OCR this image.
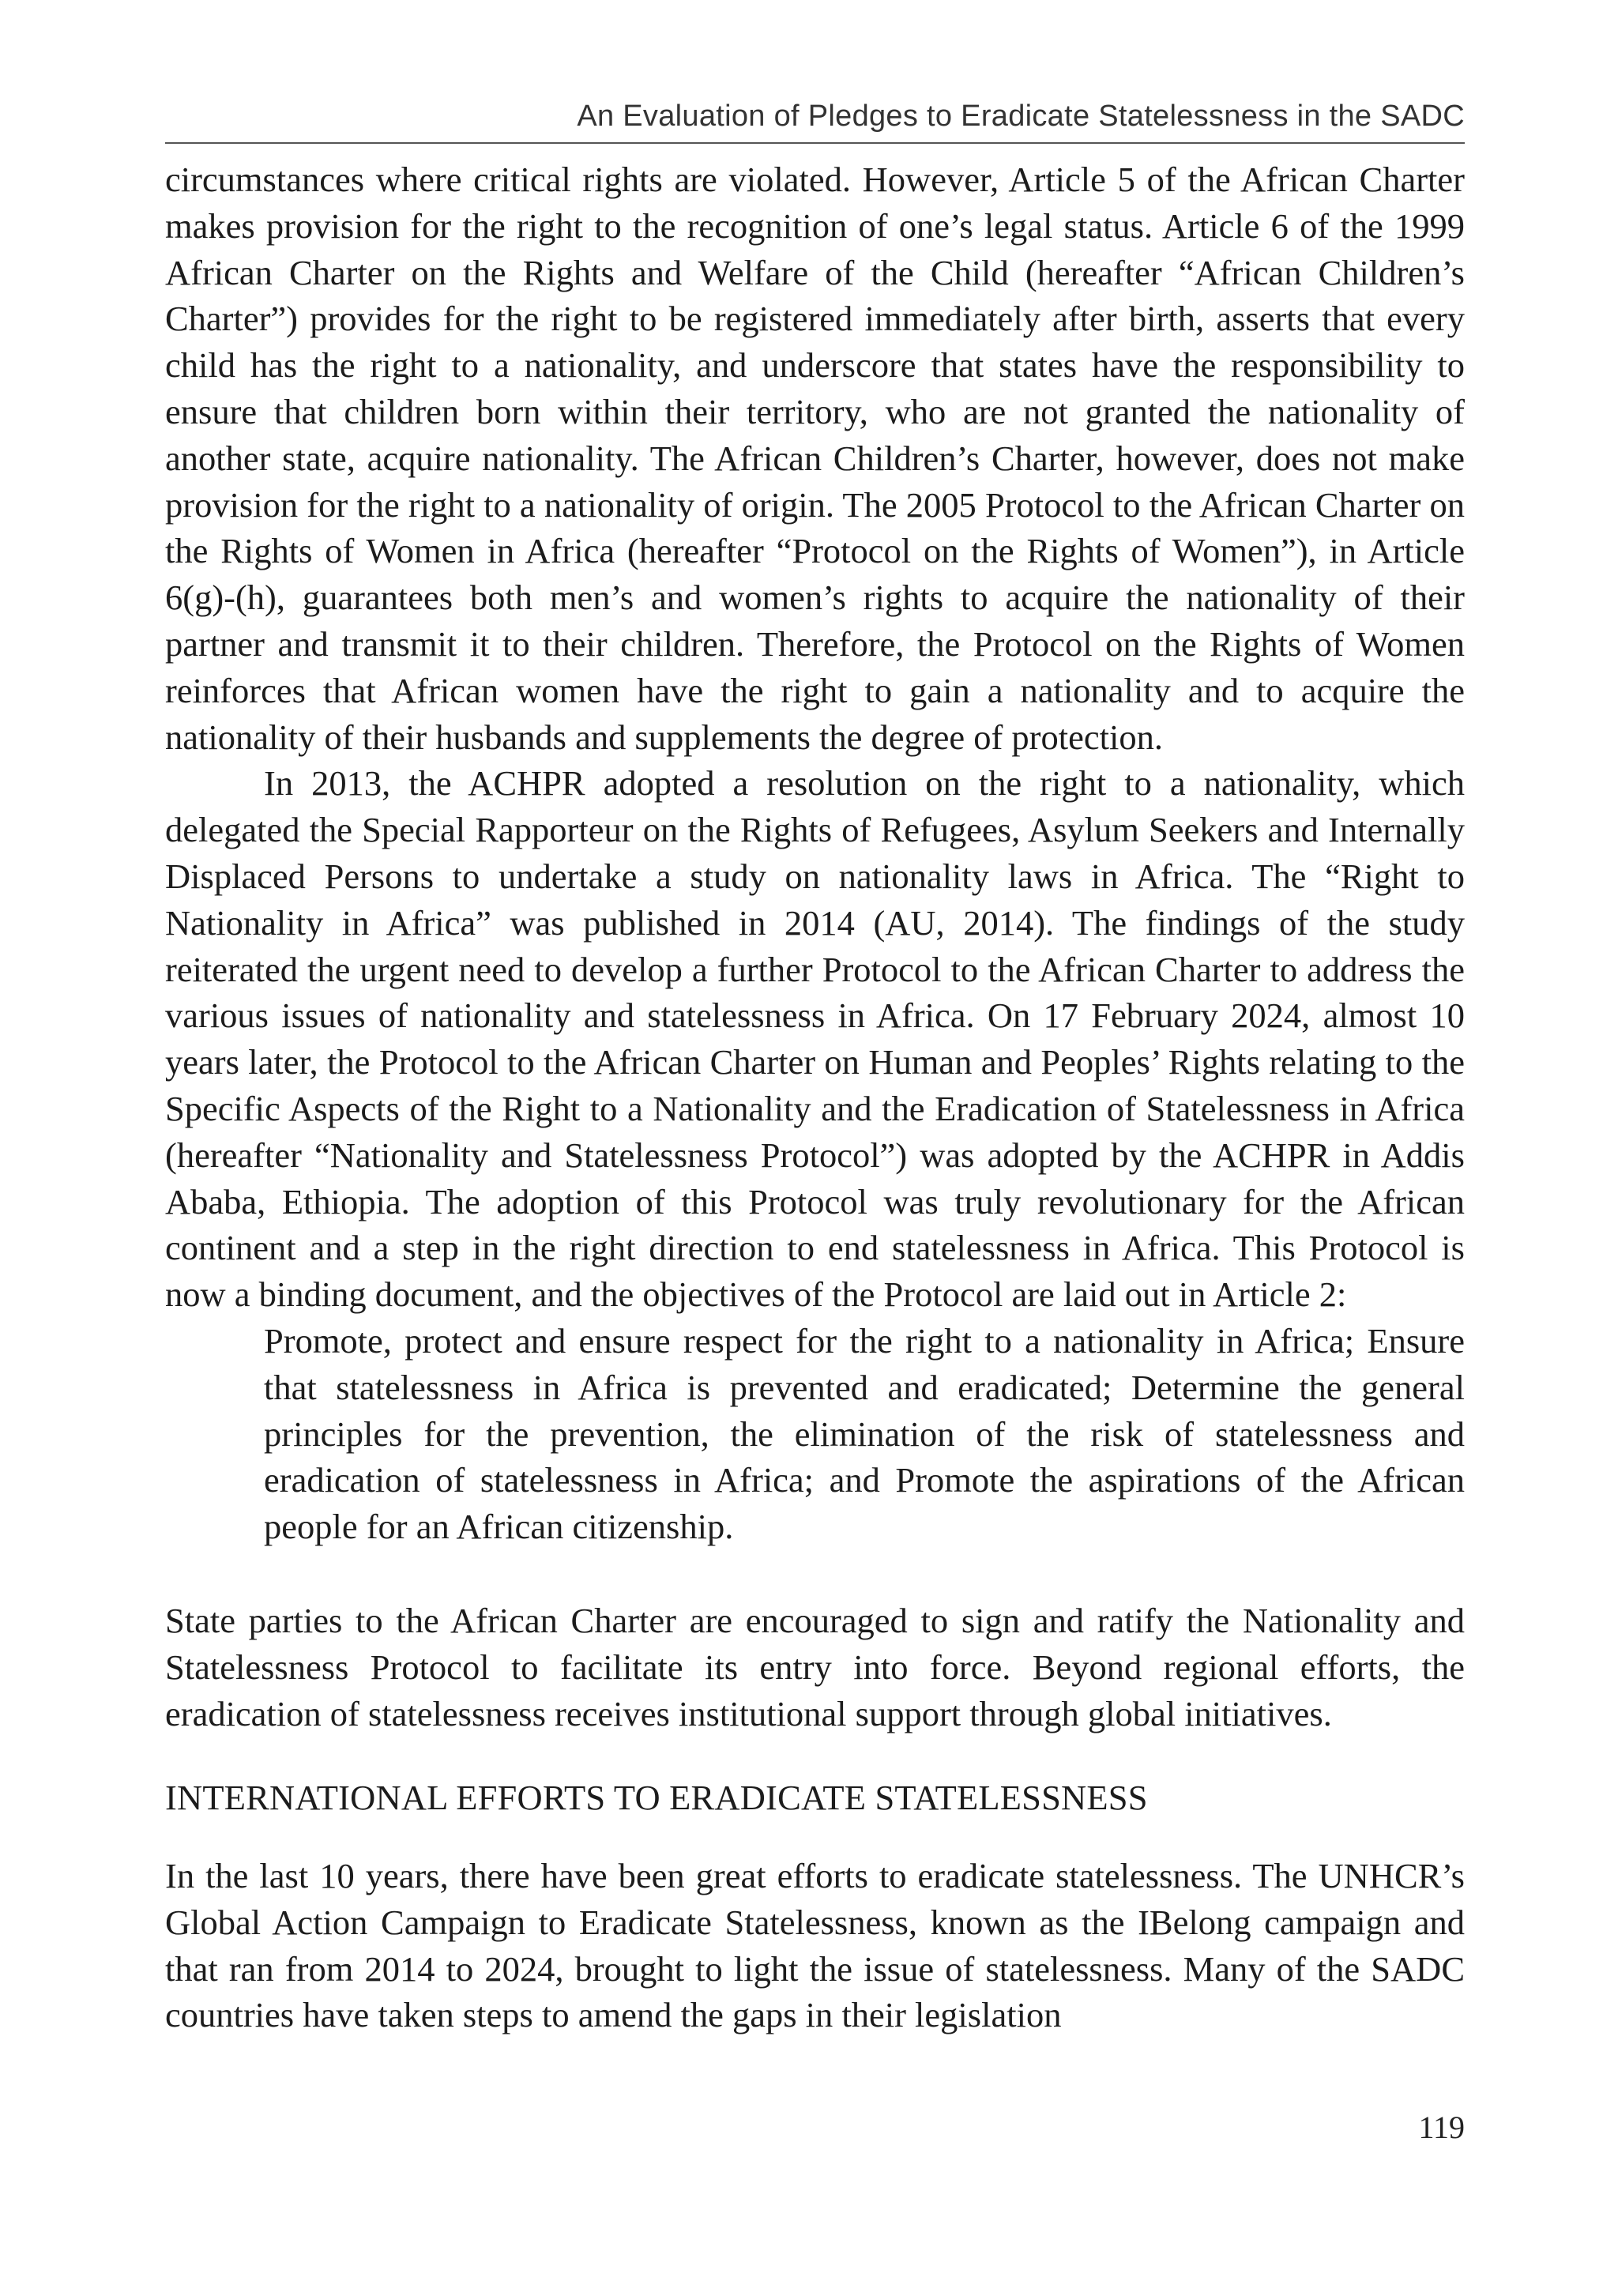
An Evaluation of Pledges to Eradicate Statelessness in the SADC

circumstances where critical rights are violated. However, Article 5 of the African Charter makes provision for the right to the recognition of one’s legal status. Article 6 of the 1999 African Charter on the Rights and Welfare of the Child (hereafter “African Children’s Charter”) provides for the right to be registered immediately after birth, asserts that every child has the right to a nationality, and underscore that states have the responsibility to ensure that children born within their territory, who are not granted the nationality of another state, acquire nationality. The African Children’s Charter, however, does not make provision for the right to a nationality of origin. The 2005 Protocol to the African Charter on the Rights of Women in Africa (hereafter “Protocol on the Rights of Women”), in Article 6(g)-(h), guarantees both men’s and women’s rights to acquire the nationality of their partner and transmit it to their children. Therefore, the Protocol on the Rights of Women reinforces that African women have the right to gain a nationality and to acquire the nationality of their husbands and supplements the degree of protection.

In 2013, the ACHPR adopted a resolution on the right to a nationality, which delegated the Special Rapporteur on the Rights of Refugees, Asylum Seekers and Internally Displaced Persons to undertake a study on nationality laws in Africa. The “Right to Nationality in Africa” was published in 2014 (AU, 2014). The findings of the study reiterated the urgent need to develop a further Protocol to the African Charter to address the various issues of nationality and statelessness in Africa. On 17 February 2024, almost 10 years later, the Protocol to the African Charter on Human and Peoples’ Rights relating to the Specific Aspects of the Right to a Nationality and the Eradication of Statelessness in Africa (hereafter “Nationality and Statelessness Protocol”) was adopted by the ACHPR in Addis Ababa, Ethiopia. The adoption of this Protocol was truly revolutionary for the African continent and a step in the right direction to end statelessness in Africa. This Protocol is now a binding document, and the objectives of the Protocol are laid out in Article 2:

Promote, protect and ensure respect for the right to a nationality in Africa; Ensure that statelessness in Africa is prevented and eradicated; Determine the general principles for the prevention, the elimination of the risk of statelessness and eradication of statelessness in Africa; and Promote the aspirations of the African people for an African citizenship.

State parties to the African Charter are encouraged to sign and ratify the Nationality and Statelessness Protocol to facilitate its entry into force. Beyond regional efforts, the eradication of statelessness receives institutional support through global initiatives.

INTERNATIONAL EFFORTS TO ERADICATE STATELESSNESS

In the last 10 years, there have been great efforts to eradicate statelessness. The UNHCR’s Global Action Campaign to Eradicate Statelessness, known as the IBelong campaign and that ran from 2014 to 2024, brought to light the issue of statelessness. Many of the SADC countries have taken steps to amend the gaps in their legislation

119
